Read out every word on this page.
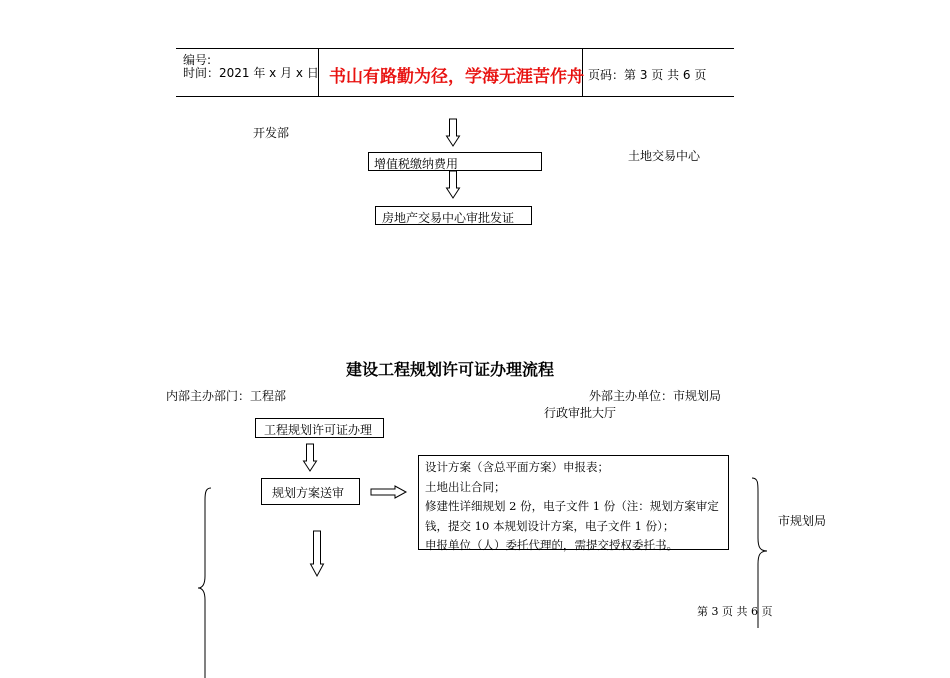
编号:
时间：2021 年 x 月 x 日 书山有路勤为径，学海无涯苦作舟 页码：第 3 页 共 6 页
开发部
土地交易中心
增值税缴纳费用
房地产交易中心审批发证
建设工程规划许可证办理流程
内部主办部门：工程部	外部主办单位：市规划局
行政审批大厅
工程规划许可证办理
规划方案送审
设计方案（含总平面方案）申报表；
土地出让合同；
修建性详细规划 2 份，电子文件 1 份（注：规划方案审定
钱，提交 10 本规划设计方案，电子文件 1 份）；
申报单位（人）委托代理的，需提交授权委托书。
市规划局
第 3 页 共 6 页
